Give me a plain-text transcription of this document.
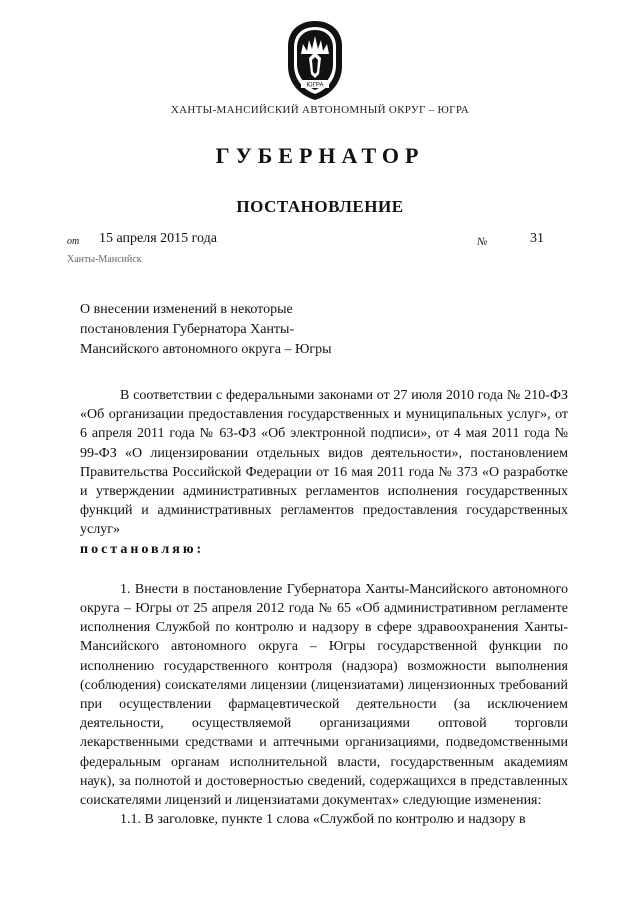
ЮГРА
ХАНТЫ-МАНСИЙСКИЙ АВТОНОМНЫЙ ОКРУГ – ЮГРА
ГУБЕРНАТОР
ПОСТАНОВЛЕНИЕ
от 15 апреля 2015 года	№	31
Ханты-Мансийск
О внесении изменений в некоторые
постановления Губернатора Ханты-
Мансийского автономного округа – Югры

В соответствии с федеральными законами от 27 июля 2010 года № 210-ФЗ «Об организации предоставления государственных и муниципальных услуг», от 6 апреля 2011 года № 63-ФЗ «Об электронной подписи», от 4 мая 2011 года № 99-ФЗ «О лицензировании отдельных видов деятельности», постановлением Правительства Российской Федерации от 16 мая 2011 года № 373 «О разработке и утверждении административных регламентов исполнения государственных функций и административных регламентов предоставления государственных услуг»

постановляю:

1. Внести в постановление Губернатора Ханты-Мансийского автономного округа – Югры от 25 апреля 2012 года № 65 «Об административном регламенте исполнения Службой по контролю и надзору в сфере здравоохранения Ханты-Мансийского автономного округа – Югры государственной функции по исполнению государственного контроля (надзора) возможности выполнения (соблюдения) соискателями лицензии (лицензиатами) лицензионных требований при осуществлении фармацевтической деятельности (за исключением деятельности, осуществляемой организациями оптовой торговли лекарственными средствами и аптечными организациями, подведомственными федеральным органам исполнительной власти, государственным академиям наук), за полнотой и достоверностью сведений, содержащихся в представленных соискателями лицензий и лицензиатами документах» следующие изменения:

1.1. В заголовке, пункте 1 слова «Службой по контролю и надзору в
